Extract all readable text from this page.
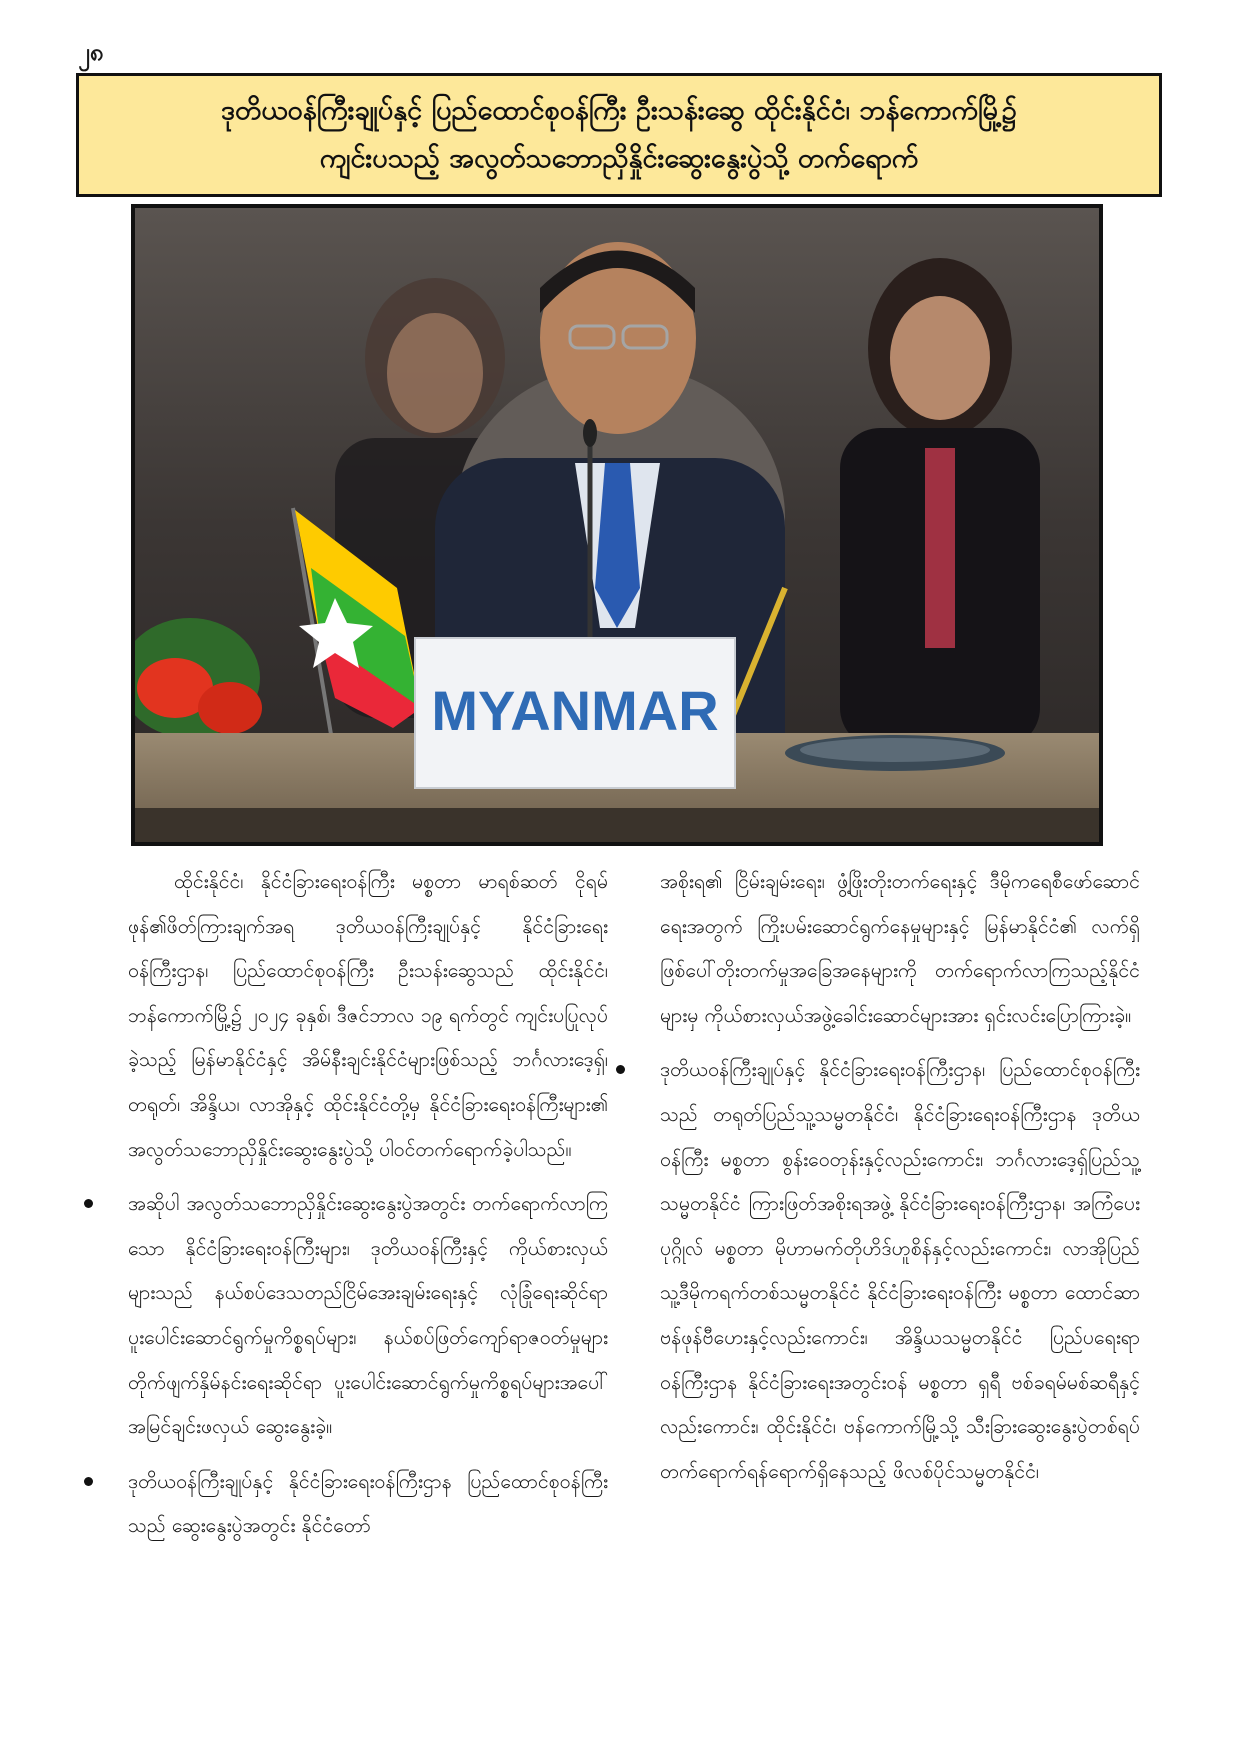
၂၈
ဒုတိယဝန်ကြီးချုပ်နှင့် ပြည်ထောင်စုဝန်ကြီး ဦးသန်းဆွေ ထိုင်းနိုင်ငံ၊ ဘန်ကောက်မြို့၌
ကျင်းပသည့် အလွတ်သဘောညှိနှိုင်းဆွေးနွေးပွဲသို့ တက်ရောက်
MYANMAR

ထိုင်းနိုင်ငံ၊ နိုင်ငံခြားရေးဝန်ကြီး မစ္စတာ မာရစ်ဆတ် ငိုရမ်ဖုန်၏ဖိတ်ကြားချက်အရ ဒုတိယဝန်ကြီးချုပ်နှင့် နိုင်ငံခြားရေးဝန်ကြီးဌာန၊ ပြည်ထောင်စုဝန်ကြီး ဦးသန်းဆွေသည် ထိုင်းနိုင်ငံ၊ ဘန်ကောက်မြို့၌ ၂၀၂၄ ခုနှစ်၊ ဒီဇင်ဘာလ ၁၉ ရက်တွင် ကျင်းပပြုလုပ်ခဲ့သည့် မြန်မာနိုင်ငံနှင့် အိမ်နီးချင်းနိုင်ငံများဖြစ်သည့် ဘင်္ဂလားဒေ့ရှ်၊ တရုတ်၊ အိန္ဒိယ၊ လာအိုနှင့် ထိုင်းနိုင်ငံတို့မှ နိုင်ငံခြားရေးဝန်ကြီးများ၏ အလွတ်သဘောညှိနှိုင်းဆွေးနွေးပွဲသို့ ပါဝင်တက်ရောက်ခဲ့ပါသည်။

အဆိုပါ အလွတ်သဘောညှိနှိုင်းဆွေးနွေးပွဲအတွင်း တက်ရောက်လာကြသော နိုင်ငံခြားရေးဝန်ကြီးများ၊ ဒုတိယဝန်ကြီးနှင့် ကိုယ်စားလှယ်များသည် နယ်စပ်ဒေသတည်ငြိမ်အေးချမ်းရေးနှင့် လုံခြုံရေးဆိုင်ရာ ပူးပေါင်းဆောင်ရွက်မှုကိစ္စရပ်များ၊ နယ်စပ်ဖြတ်ကျော်ရာဇဝတ်မှုများ တိုက်ဖျက်နှိမ်နင်းရေးဆိုင်ရာ ပူးပေါင်းဆောင်ရွက်မှုကိစ္စရပ်များအပေါ် အမြင်ချင်းဖလှယ် ဆွေးနွေးခဲ့။

ဒုတိယဝန်ကြီးချုပ်နှင့် နိုင်ငံခြားရေးဝန်ကြီးဌာန ပြည်ထောင်စုဝန်ကြီးသည် ဆွေးနွေးပွဲအတွင်း နိုင်ငံတော်

အစိုးရ၏ ငြိမ်းချမ်းရေး၊ ဖွံ့ဖြိုးတိုးတက်ရေးနှင့် ဒီမိုကရေစီဖော်ဆောင်ရေးအတွက် ကြိုးပမ်းဆောင်ရွက်နေမှုများနှင့် မြန်မာနိုင်ငံ၏ လက်ရှိဖြစ်ပေါ်တိုးတက်မှုအခြေအနေများကို တက်ရောက်လာကြသည့်နိုင်ငံများမှ ကိုယ်စားလှယ်အဖွဲ့ခေါင်းဆောင်များအား ရှင်းလင်းပြောကြားခဲ့။

ဒုတိယဝန်ကြီးချုပ်နှင့် နိုင်ငံခြားရေးဝန်ကြီးဌာန၊ ပြည်ထောင်စုဝန်ကြီးသည် တရုတ်ပြည်သူ့သမ္မတနိုင်ငံ၊ နိုင်ငံခြားရေးဝန်ကြီးဌာန ဒုတိယဝန်ကြီး မစ္စတာ စွန်းဝေတုန်းနှင့်လည်းကောင်း၊ ဘင်္ဂလားဒေ့ရှ်ပြည်သူ့သမ္မတနိုင်ငံ ကြားဖြတ်အစိုးရအဖွဲ့ နိုင်ငံခြားရေးဝန်ကြီးဌာန၊ အကြံပေးပုဂ္ဂိုလ် မစ္စတာ မိုဟာမက်တိုဟိဒ်ဟူစိန်နှင့်လည်းကောင်း၊ လာအိုပြည်သူ့ဒီမိုကရက်တစ်သမ္မတနိုင်ငံ နိုင်ငံခြားရေးဝန်ကြီး မစ္စတာ ထောင်ဆာဗန်ဖုန်ဗီဟေးနှင့်လည်းကောင်း၊ အိန္ဒိယသမ္မတနိုင်ငံ ပြည်ပရေးရာဝန်ကြီးဌာန နိုင်ငံခြားရေးအတွင်းဝန် မစ္စတာ ရှရီ ဗစ်ခရမ်မစ်ဆရီနှင့်လည်းကောင်း၊ ထိုင်းနိုင်ငံ၊ ဗန်ကောက်မြို့သို့ သီးခြားဆွေးနွေးပွဲတစ်ရပ် တက်ရောက်ရန်ရောက်ရှိနေသည့် ဖိလစ်ပိုင်သမ္မတနိုင်ငံ၊
